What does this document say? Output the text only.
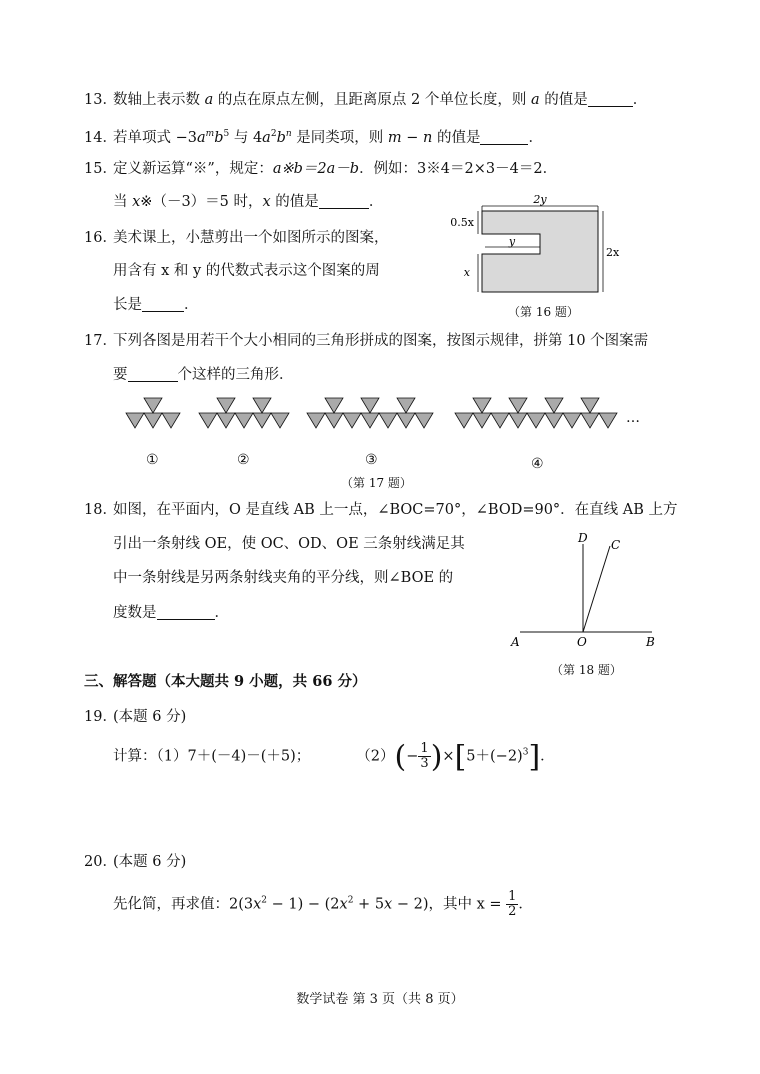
13．数轴上表示数 a 的点在原点左侧，且距离原点 2 个单位长度，则 a 的值是	．
14．若单项式 $-3a^mb^5$ 与 $4a^2b^n$ 是同类项，则 m − n 的值是	．
15．定义新运算“※”，规定：a※b＝2a－b．例如：3※4＝2×3－4＝2．
当 x※（－3）＝5 时，x 的值是	．
16．美术课上，小慧剪出一个如图所示的图案，
用含有 x 和 y 的代数式表示这个图案的周
长是	．
2y
0.5x
y
x
2x
（第 16 题）
17．下列各图是用若干个大小相同的三角形拼成的图案，按图示规律，拼第 10 个图案需
要	个这样的三角形．
①	②	③	④
…
（第 17 题）
18．如图，在平面内，O 是直线 AB 上一点，∠BOC=70°，∠BOD=90°．在直线 AB 上方
引出一条射线 OE，使 OC、OD、OE 三条射线满足其
中一条射线是另两条射线夹角的平分线，则∠BOE 的
度数是	．
D C
A	O	B
（第 18 题）
三、解答题（本大题共 9 小题，共 66 分）
19．(本题 6 分)
计算：（1）7＋(－4)－(＋5)；	$(2)(- \frac{1}{3} )\times[5+(-2)^3]$．
20．(本题 6 分)
先化简，再求值：$2(3x^2 - 1) - (2x^2 + 5x - 2)$，其中 $x = \frac{1}{2}$ ．
数学试卷 第 3 页（共 8 页）
